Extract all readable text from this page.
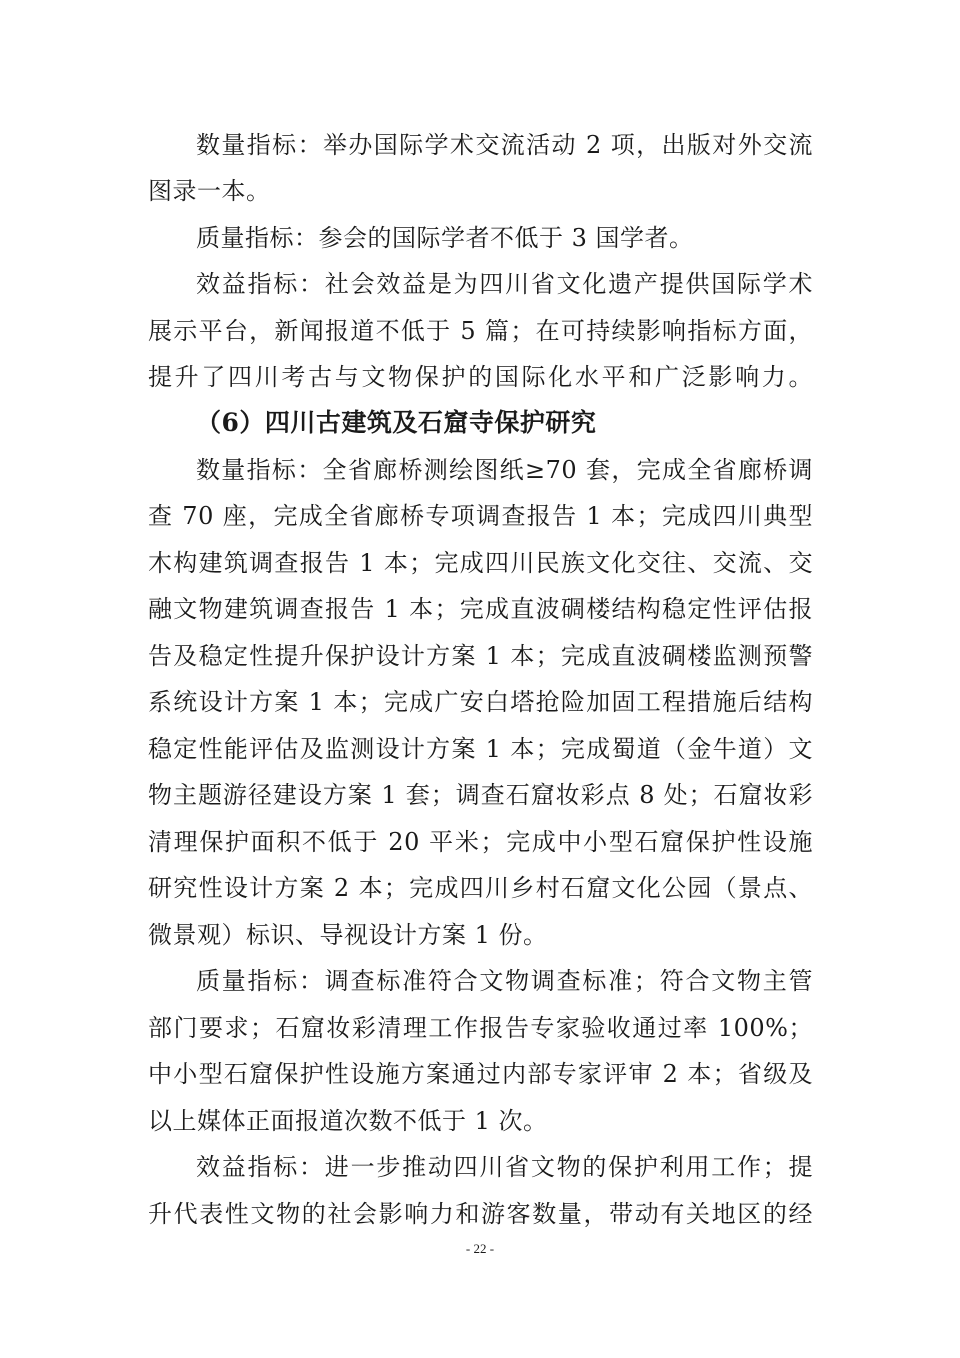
数量指标：举办国际学术交流活动 2 项，出版对外交流
图录一本。
质量指标：参会的国际学者不低于 3 国学者。
效益指标：社会效益是为四川省文化遗产提供国际学术
展示平台，新闻报道不低于 5 篇；在可持续影响指标方面，
提升了四川考古与文物保护的国际化水平和广泛影响力。
（6）四川古建筑及石窟寺保护研究
数量指标：全省廊桥测绘图纸≥70 套，完成全省廊桥调
查 70 座，完成全省廊桥专项调查报告 1 本；完成四川典型
木构建筑调查报告 1 本；完成四川民族文化交往、交流、交
融文物建筑调查报告 1 本；完成直波碉楼结构稳定性评估报
告及稳定性提升保护设计方案 1 本；完成直波碉楼监测预警
系统设计方案 1 本；完成广安白塔抢险加固工程措施后结构
稳定性能评估及监测设计方案 1 本；完成蜀道（金牛道）文
物主题游径建设方案 1 套；调查石窟妆彩点 8 处；石窟妆彩
清理保护面积不低于 20 平米；完成中小型石窟保护性设施
研究性设计方案 2 本；完成四川乡村石窟文化公园（景点、
微景观）标识、导视设计方案 1 份。
质量指标：调查标准符合文物调查标准；符合文物主管
部门要求；石窟妆彩清理工作报告专家验收通过率 100%；
中小型石窟保护性设施方案通过内部专家评审 2 本；省级及
以上媒体正面报道次数不低于 1 次。
效益指标：进一步推动四川省文物的保护利用工作；提
升代表性文物的社会影响力和游客数量，带动有关地区的经
- 22 -
